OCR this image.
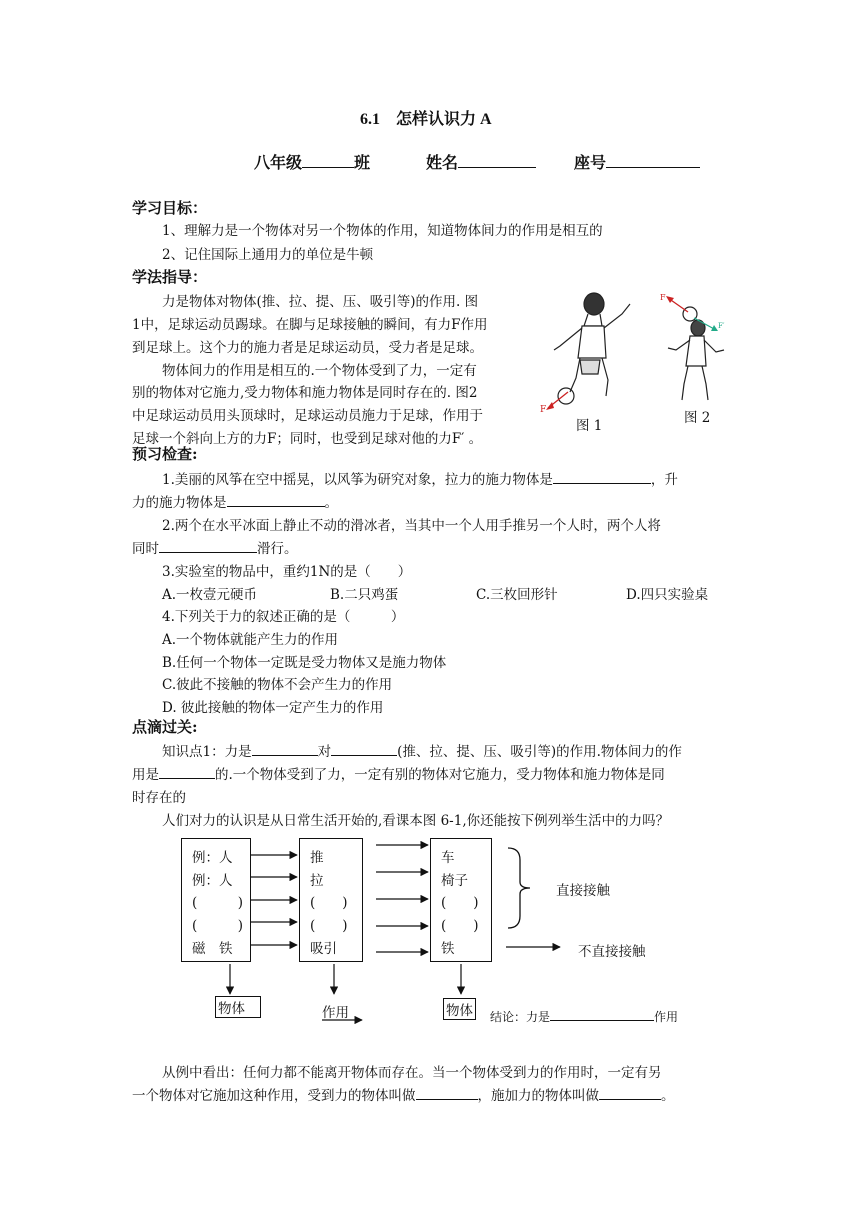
6.1　怎样认识力 A
八年级	班	姓名	座号
学习目标：
1、理解力是一个物体对另一个物体的作用，知道物体间力的作用是相互的
2、记住国际上通用力的单位是牛顿
学法指导：
力是物体对物体(推、拉、提、压、吸引等)的作用. 图
1中，足球运动员踢球。在脚与足球接触的瞬间，有力F作用
到足球上。这个力的施力者是足球运动员，受力者是足球。
物体间力的作用是相互的.一个物体受到了力，一定有
别的物体对它施力,受力物体和施力物体是同时存在的. 图2
中足球运动员用头顶球时，足球运动员施力于足球，作用于
足球一个斜向上方的力F；同时，也受到足球对他的力F′ 。
F
图 1
F
F′
图 2
预习检查:
1.美丽的风筝在空中摇晃，以风筝为研究对象，拉力的施力物体是	，升
力的施力物体是	。
2.两个在水平冰面上静止不动的滑冰者，当其中一个人用手推另一个人时，两个人将
同时	滑行。
3.实验室的物品中，重约1N的是（　　）
A.一枚壹元硬币	B.二只鸡蛋	C.三枚回形针	D.四只实验桌
4.下列关于力的叙述正确的是（　　　）
A.一个物体就能产生力的作用
B.任何一个物体一定既是受力物体又是施力物体
C.彼此不接触的物体不会产生力的作用
D. 彼此接触的物体一定产生力的作用
点滴过关:
知识点1：力是	对	(推、拉、提、压、吸引等)的作用.物体间力的作
用是	的.一个物体受到了力，一定有别的物体对它施力，受力物体和施力物体是同
时存在的
人们对力的认识是从日常生活开始的,看课本图 6-1,你还能按下例列举生活中的力吗？
例：人
例：人
(　　　)
(　　　)
磁　铁
推
拉
(　　)
(　　)
吸引
车
椅子
(　　)
(　　)
铁
直接接触
不直接接触
物体	作用	物体 结论：力是	作用
从例中看出：任何力都不能离开物体而存在。当一个物体受到力的作用时，一定有另
一个物体对它施加这种作用，受到力的物体叫做	，施加力的物体叫做	。
